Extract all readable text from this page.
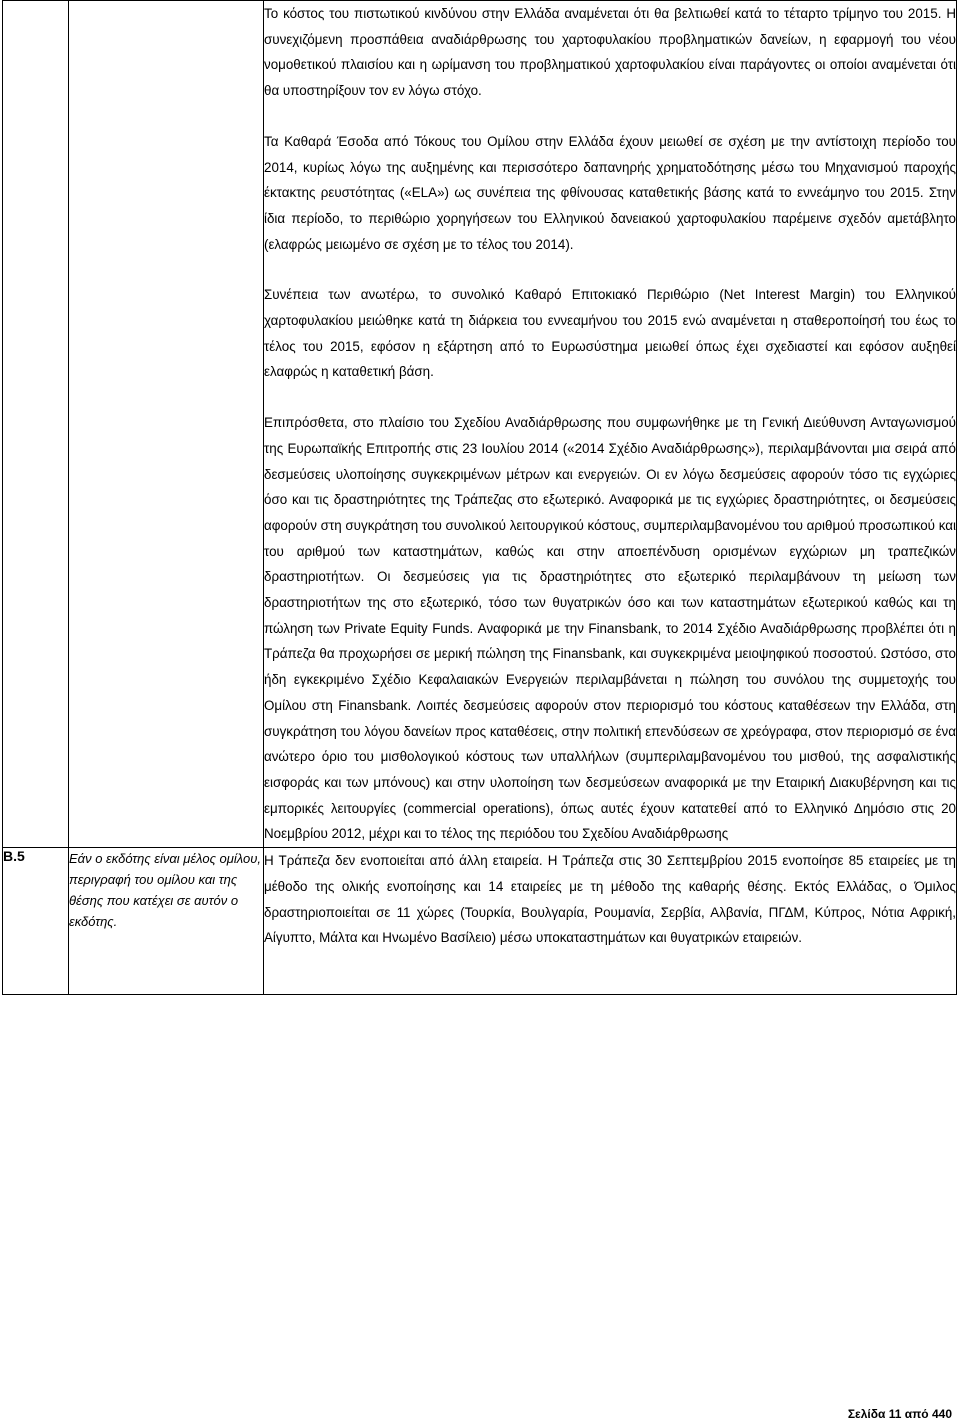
		Το κόστος του πιστωτικού κινδύνου στην Ελλάδα αναμένεται ότι θα βελτιωθεί κατά το τέταρτο τρίμηνο του 2015. Η συνεχιζόμενη προσπάθεια αναδιάρθρωσης του χαρτοφυλακίου προβληματικών δανείων, η εφαρμογή του νέου νομοθετικού πλαισίου και η ωρίμανση του προβληματικού χαρτοφυλακίου είναι παράγοντες οι οποίοι αναμένεται ότι θα υποστηρίξουν τον εν λόγω στόχο.

Τα Καθαρά Έσοδα από Τόκους του Ομίλου στην Ελλάδα έχουν μειωθεί σε σχέση με την αντίστοιχη περίοδο του 2014, κυρίως λόγω της αυξημένης και περισσότερο δαπανηρής χρηματοδότησης μέσω του Μηχανισμού παροχής έκτακτης ρευστότητας («ELA») ως συνέπεια της φθίνουσας καταθετικής βάσης κατά το εννεάμηνο του 2015. Στην ίδια περίοδο, το περιθώριο χορηγήσεων του Ελληνικού δανειακού χαρτοφυλακίου παρέμεινε σχεδόν αμετάβλητο (ελαφρώς μειωμένο σε σχέση με το τέλος του 2014).

Συνέπεια των ανωτέρω, το συνολικό Καθαρό Επιτοκιακό Περιθώριο (Net Interest Margin) του Ελληνικού χαρτοφυλακίου μειώθηκε κατά τη διάρκεια του εννεαμήνου του 2015 ενώ αναμένεται η σταθεροποίησή του έως το τέλος του 2015, εφόσον η εξάρτηση από το Ευρωσύστημα μειωθεί όπως έχει σχεδιαστεί και εφόσον αυξηθεί ελαφρώς η καταθετική βάση.

Επιπρόσθετα, στο πλαίσιο του Σχεδίου Αναδιάρθρωσης που συμφωνήθηκε με τη Γενική Διεύθυνση Ανταγωνισμού της Ευρωπαϊκής Επιτροπής στις 23 Ιουλίου 2014 («2014 Σχέδιο Αναδιάρθρωσης»), περιλαμβάνονται μια σειρά από δεσμεύσεις υλοποίησης συγκεκριμένων μέτρων και ενεργειών. Οι εν λόγω δεσμεύσεις αφορούν τόσο τις εγχώριες όσο και τις δραστηριότητες της Τράπεζας στο εξωτερικό. Αναφορικά με τις εγχώριες δραστηριότητες, οι δεσμεύσεις αφορούν στη συγκράτηση του συνολικού λειτουργικού κόστους, συμπεριλαμβανομένου του αριθμού προσωπικού και του αριθμού των καταστημάτων, καθώς και στην αποεπένδυση ορισμένων εγχώριων μη τραπεζικών δραστηριοτήτων. Οι δεσμεύσεις για τις δραστηριότητες στο εξωτερικό περιλαμβάνουν τη μείωση των δραστηριοτήτων της στο εξωτερικό, τόσο των θυγατρικών όσο και των καταστημάτων εξωτερικού καθώς και τη πώληση των Private Equity Funds. Αναφορικά με την Finansbank, το 2014 Σχέδιο Αναδιάρθρωσης προβλέπει ότι η Τράπεζα θα προχωρήσει σε μερική πώληση της Finansbank, και συγκεκριμένα μειοψηφικού ποσοστού. Ωστόσο, στο ήδη εγκεκριμένο Σχέδιο Κεφαλαιακών Ενεργειών περιλαμβάνεται η πώληση του συνόλου της συμμετοχής του Ομίλου στη Finansbank. Λοιπές δεσμεύσεις αφορούν στον περιορισμό του κόστους καταθέσεων την Ελλάδα, στη συγκράτηση του λόγου δανείων προς καταθέσεις, στην πολιτική επενδύσεων σε χρεόγραφα, στον περιορισμό σε ένα ανώτερο όριο του μισθολογικού κόστους των υπαλλήλων (συμπεριλαμβανομένου του μισθού, της ασφαλιστικής εισφοράς και των μπόνους) και στην υλοποίηση των δεσμεύσεων αναφορικά με την Εταιρική Διακυβέρνηση και τις εμπορικές λειτουργίες (commercial operations), όπως αυτές έχουν κατατεθεί από το Ελληνικό Δημόσιο στις 20 Νοεμβρίου 2012, μέχρι και το τέλος της περιόδου του Σχεδίου Αναδιάρθρωσης

B.5	Εάν ο εκδότης είναι μέλος ομίλου, περιγραφή του ομίλου και της θέσης που κατέχει σε αυτόν ο εκδότης.	Η Τράπεζα δεν ενοποιείται από άλλη εταιρεία. Η Τράπεζα στις 30 Σεπτεμβρίου 2015 ενοποίησε 85 εταιρείες με τη μέθοδο της ολικής ενοποίησης και 14 εταιρείες με τη μέθοδο της καθαρής θέσης. Εκτός Ελλάδας, ο Όμιλος δραστηριοποιείται σε 11 χώρες (Τουρκία, Βουλγαρία, Ρουμανία, Σερβία, Αλβανία, ΠΓΔΜ, Κύπρος, Νότια Αφρική, Αίγυπτο, Μάλτα και Ηνωμένο Βασίλειο) μέσω υποκαταστημάτων και θυγατρικών εταιρειών.
Σελίδα 11 από 440
